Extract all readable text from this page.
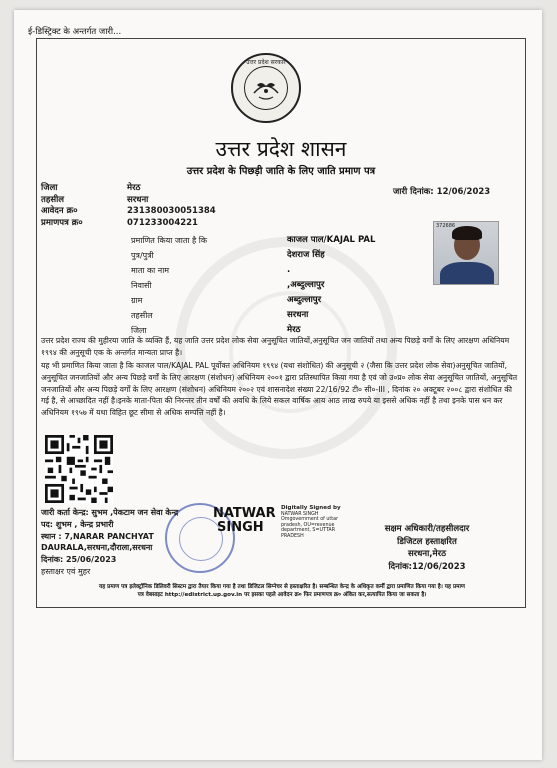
ई-डिस्ट्रिक्ट के अन्तर्गत जारी...
उत्तर प्रदेश सरकार
उत्तर प्रदेश शासन
उत्तर प्रदेश के पिछड़ी जाति के लिए जाति प्रमाण पत्र
जिला
तहसील
आवेदन क्र०
प्रमाणपत्र क्र०
मेरठ
सरधना
231380030051384
071233004221
जारी दिनांक: 12/06/2023
प्रमाणित किया जाता है कि
पुत्र/पुत्री
माता का नाम
निवासी
ग्राम
तहसील
जिला
काजल पाल/KAJAL PAL
देशराज सिंह
.
,अब्दुल्लापुर
अब्दुल्लापुर
सरधना
मेरठ
372686
उत्तर प्रदेश राज्य की मुहीरया जाति के व्यक्ति हैं, यह जाति उत्तर प्रदेश लोक सेवा अनुसूचित जातियों,अनुसूचित जन जातियों तथा अन्य पिछड़े वर्गों के लिए आरक्षण अधिनियम १९९४ की अनुसूची एक के अन्तर्गत मान्यता प्राप्त है।
यह भी प्रमाणित किया जाता है कि काजल पाल/KAJAL PAL पूर्वोक्त अधिनियम १९९४ (यथा संशोधित) की अनुसूची २ (जैसा कि उत्तर प्रदेश लोक सेवा)अनुसूचित जातियों, अनुसूचित जनजातियों और अन्य पिछड़े वर्गों के लिए आरक्षण (संशोधन) अधिनियम २००१ द्वारा प्रतिस्थापित किया गया है एवं जो उ०प्र० लोक सेवा अनुसूचित जातियों, अनुसूचित जनजातियों और अन्य पिछड़े वर्गों के लिए आरक्षण (संशोधन) अधिनियम २००२ एवं शासनादेश संख्या 22/16/92 टी० सी०-III , दिनांक २० अक्टूबर २००८ द्वारा संशोधित की गई है, से आच्छादित नहीं है।इनके माता-पिता की निरन्तर तीन वर्षों की अवधि के लिये सकल वार्षिक आय आठ लाख रुपये या इससे अधिक नहीं है तथा इनके पास धन कर अधिनियम १९५७ में यथा विहित छूट सीमा से अधिक सम्पत्ति नहीं है।
जारी कर्ता केन्द्र: सुभम ,पेकटाम जन सेवा केन्द्र
पद: शुभम , केन्द्र प्रभारी
स्थान : 7,NARAR PANCHYAT
DAURALA,सरधना,दौराला,सरधना
दिनांक: 25/06/2023
हस्ताक्षर एवं मुहर
NATWAR
SINGH
Digitally Signed by
NATWAR SINGH
Omgovernment of uttar
pradesh, OU=revenue
department, S=UTTAR
PRADESH
सक्षम अधिकारी/तहसीलदार
डिजिटल हस्ताक्षरित
सरधना,मेरठ
दिनांक:12/06/2023
यह प्रमाण पत्र इलेक्ट्रॉनिक डिलिवरी सिस्टम द्वारा तैयार किया गया है तथा डिजिटल सिग्नेचर से हस्ताक्षरित है। सम्बन्धित केन्द्र के अधिकृत कर्मी द्वारा प्रमाणित किया गया है। यह प्रमाण
पत्र वेबसाइट http://edistrict.up.gov.in पर इसका पहले आवेदन क्र० फिर प्रमाणपत्र क्र० अंकित कर,सत्यापित किया जा सकता है।
